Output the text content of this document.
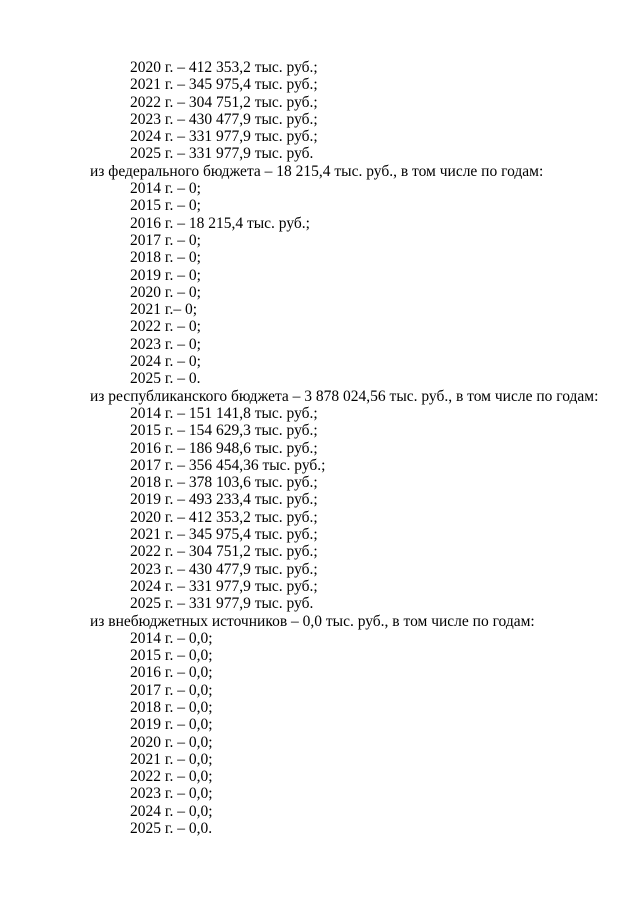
2020 г. – 412 353,2 тыс. руб.;
2021 г. – 345 975,4 тыс. руб.;
2022 г. – 304 751,2 тыс. руб.;
2023 г. – 430 477,9 тыс. руб.;
2024 г. – 331 977,9 тыс. руб.;
2025 г. – 331 977,9 тыс. руб.
из федерального бюджета – 18 215,4 тыс. руб., в том числе по годам:
2014 г. – 0;
2015 г. – 0;
2016 г. – 18 215,4 тыс. руб.;
2017 г. – 0;
2018 г. – 0;
2019 г. – 0;
2020 г. – 0;
2021 г.– 0;
2022 г. – 0;
2023 г. – 0;
2024 г. – 0;
2025 г. – 0.
из республиканского бюджета – 3 878 024,56 тыс. руб., в том числе по годам:
2014 г. – 151 141,8 тыс. руб.;
2015 г. – 154 629,3 тыс. руб.;
2016 г. – 186 948,6 тыс. руб.;
2017 г. – 356 454,36 тыс. руб.;
2018 г. – 378 103,6 тыс. руб.;
2019 г. – 493 233,4 тыс. руб.;
2020 г. – 412 353,2 тыс. руб.;
2021 г. – 345 975,4 тыс. руб.;
2022 г. – 304 751,2 тыс. руб.;
2023 г. – 430 477,9 тыс. руб.;
2024 г. – 331 977,9 тыс. руб.;
2025 г. – 331 977,9 тыс. руб.
из внебюджетных источников – 0,0 тыс. руб., в том числе по годам:
2014 г. – 0,0;
2015 г. – 0,0;
2016 г. – 0,0;
2017 г. – 0,0;
2018 г. – 0,0;
2019 г. – 0,0;
2020 г. – 0,0;
2021 г. – 0,0;
2022 г. – 0,0;
2023 г. – 0,0;
2024 г. – 0,0;
2025 г. – 0,0.
